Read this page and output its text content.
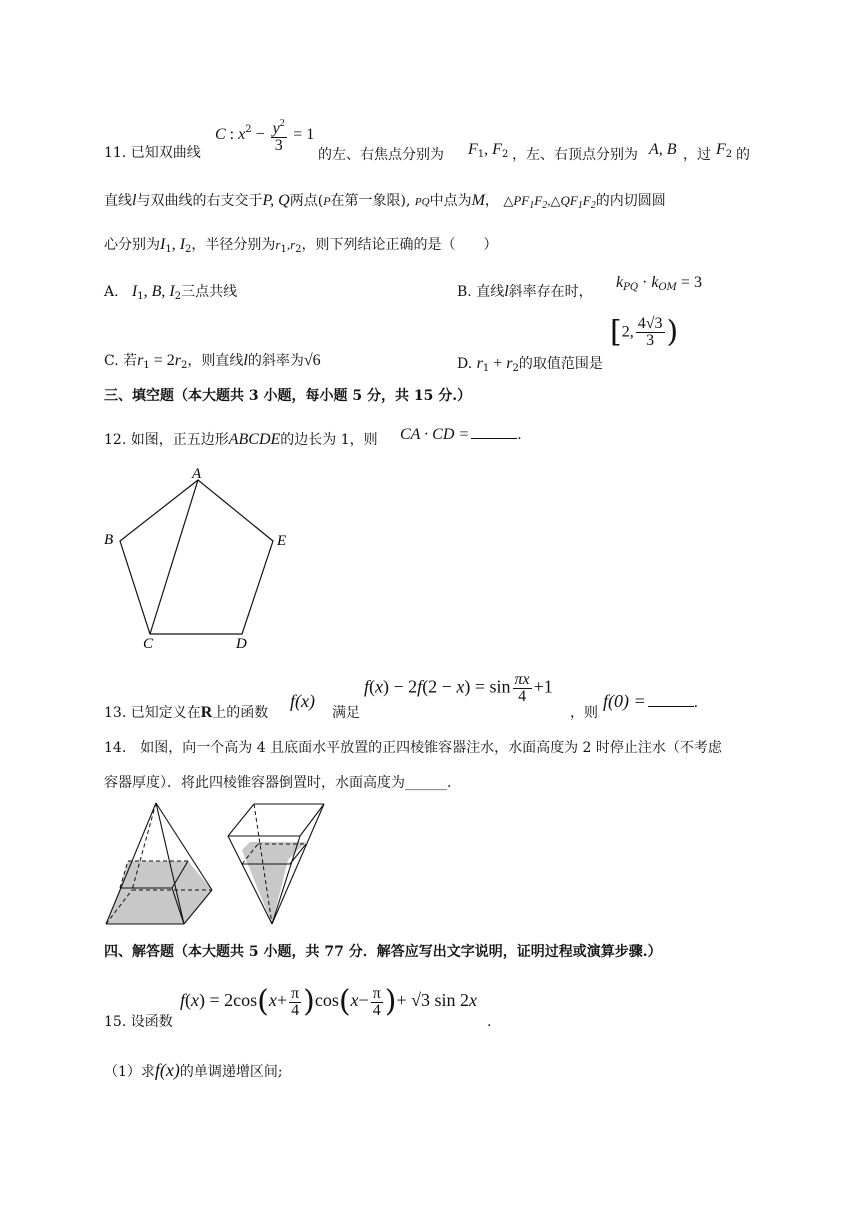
11. 已知双曲线
C : $x^2 - \frac{y^2}{3} = 1$
的左、右焦点分别为 $F_1$, $F_2$ ，左、右顶点分别为 A, B ，过 $F_2$ 的
直线l与双曲线的右支交于P, Q两点(P在第一象限), PQ中点为M， $\triangle PF_1F_2,\triangle QF_1F_2$的内切圆圆
心分别为$I_1$, $I_2$，半径分别为$r_1,r_2$，则下列结论正确的是（　　）
A. $I_1$, B, $I_2$三点共线	B. 直线l斜率存在时，
$k_{PQ} \cdot k_{OM} = 3$
C. 若$r_1 = 2r_2$，则直线l的斜率为√6	D. $r_1 + r_2$的取值范围是
[2, $\frac{4√3}{3}$ )
三、填空题（本大题共 3 小题，每小题 5 分，共 15 分.）
12. 如图，正五边形ABCDE的边长为 1，则 CA · CD =	.
A
B
C	D
E
13. 已知定义在R上的函数
f(x)
满足
$f(x) - 2f(2 - x) = \sin \frac{\pi x}{4} +1$
，则
f(0) =	.
14.　如图，向一个高为 4 且底面水平放置的正四棱锥容器注水，水面高度为 2 时停止注水（不考虑
容器厚度）．将此四棱锥容器倒置时，水面高度为______.
四、解答题（本大题共 5 小题，共 77 分．解答应写出文字说明，证明过程或演算步骤.）
15. 设函数
$f(x) = 2\cos(x+ \frac{\pi}{4} )\cos(x- \frac{\pi}{4}$ )+ √3 sin 2x
.
（1）求f(x)的单调递增区间;
